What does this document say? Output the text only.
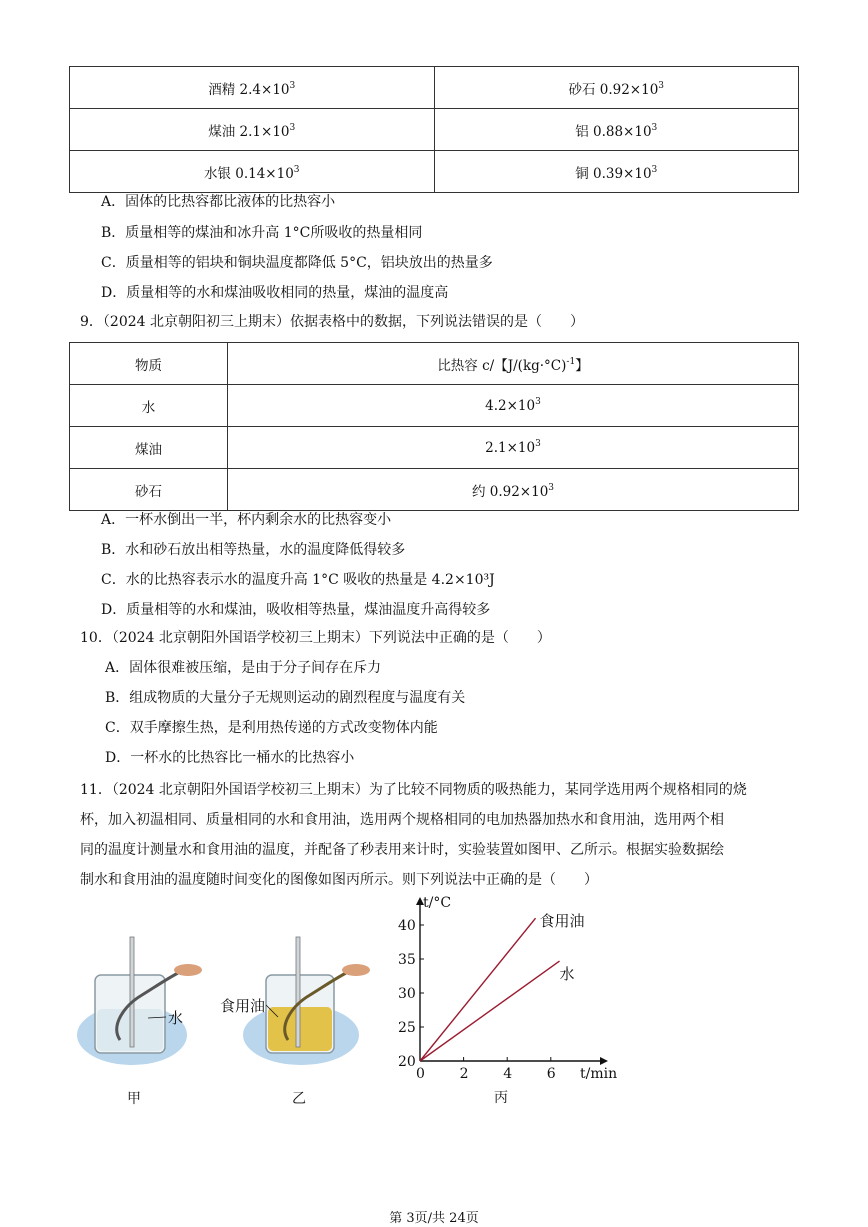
酒精 $2.4\times 10^3$	砂石 $0.92\times 10^3$
煤油 $2.1\times 10^3$	铝 $0.88\times 10^3$
水银 $0.14\times 10^3$	铜 $0.39\times 10^3$
A．固体的比热容都比液体的比热容小
B．质量相等的煤油和冰升高 1°C所吸收的热量相同
C．质量相等的铝块和铜块温度都降低 5°C，铝块放出的热量多
D．质量相等的水和煤油吸收相同的热量，煤油的温度高
9．（2024 北京朝阳初三上期末）依据表格中的数据，下列说法错误的是（　　）
物质	比热容 c/【$J/(kg\cdot^\circ C)^{-1}$】
水	$4.2\times 10^3$
煤油	$2.1\times 10^3$
砂石	约 $0.92\times 10^3$
A．一杯水倒出一半，杯内剩余水的比热容变小
B．水和砂石放出相等热量，水的温度降低得较多
C．水的比热容表示水的温度升高 1°C 吸收的热量是 4.2×10³J
D．质量相等的水和煤油，吸收相等热量，煤油温度升高得较多
10．（2024 北京朝阳外国语学校初三上期末）下列说法中正确的是（　　）
A．固体很难被压缩，是由于分子间存在斥力
B．组成物质的大量分子无规则运动的剧烈程度与温度有关
C．双手摩擦生热，是利用热传递的方式改变物体内能
D．一杯水的比热容比一桶水的比热容小
11．（2024 北京朝阳外国语学校初三上期末）为了比较不同物质的吸热能力，某同学选用两个规格相同的烧
杯，加入初温相同、质量相同的水和食用油，选用两个规格相同的电加热器加热水和食用油，选用两个相
同的温度计测量水和食用油的温度，并配备了秒表用来计时，实验装置如图甲、乙所示。根据实验数据绘
制水和食用油的温度随时间变化的图像如图丙所示。则下列说法中正确的是（　　）
水
甲
食用油
乙
t/°C
t/min
0 2 4 6
20
25
30
35
40	食用油
水
丙
第 3页/共 24页
